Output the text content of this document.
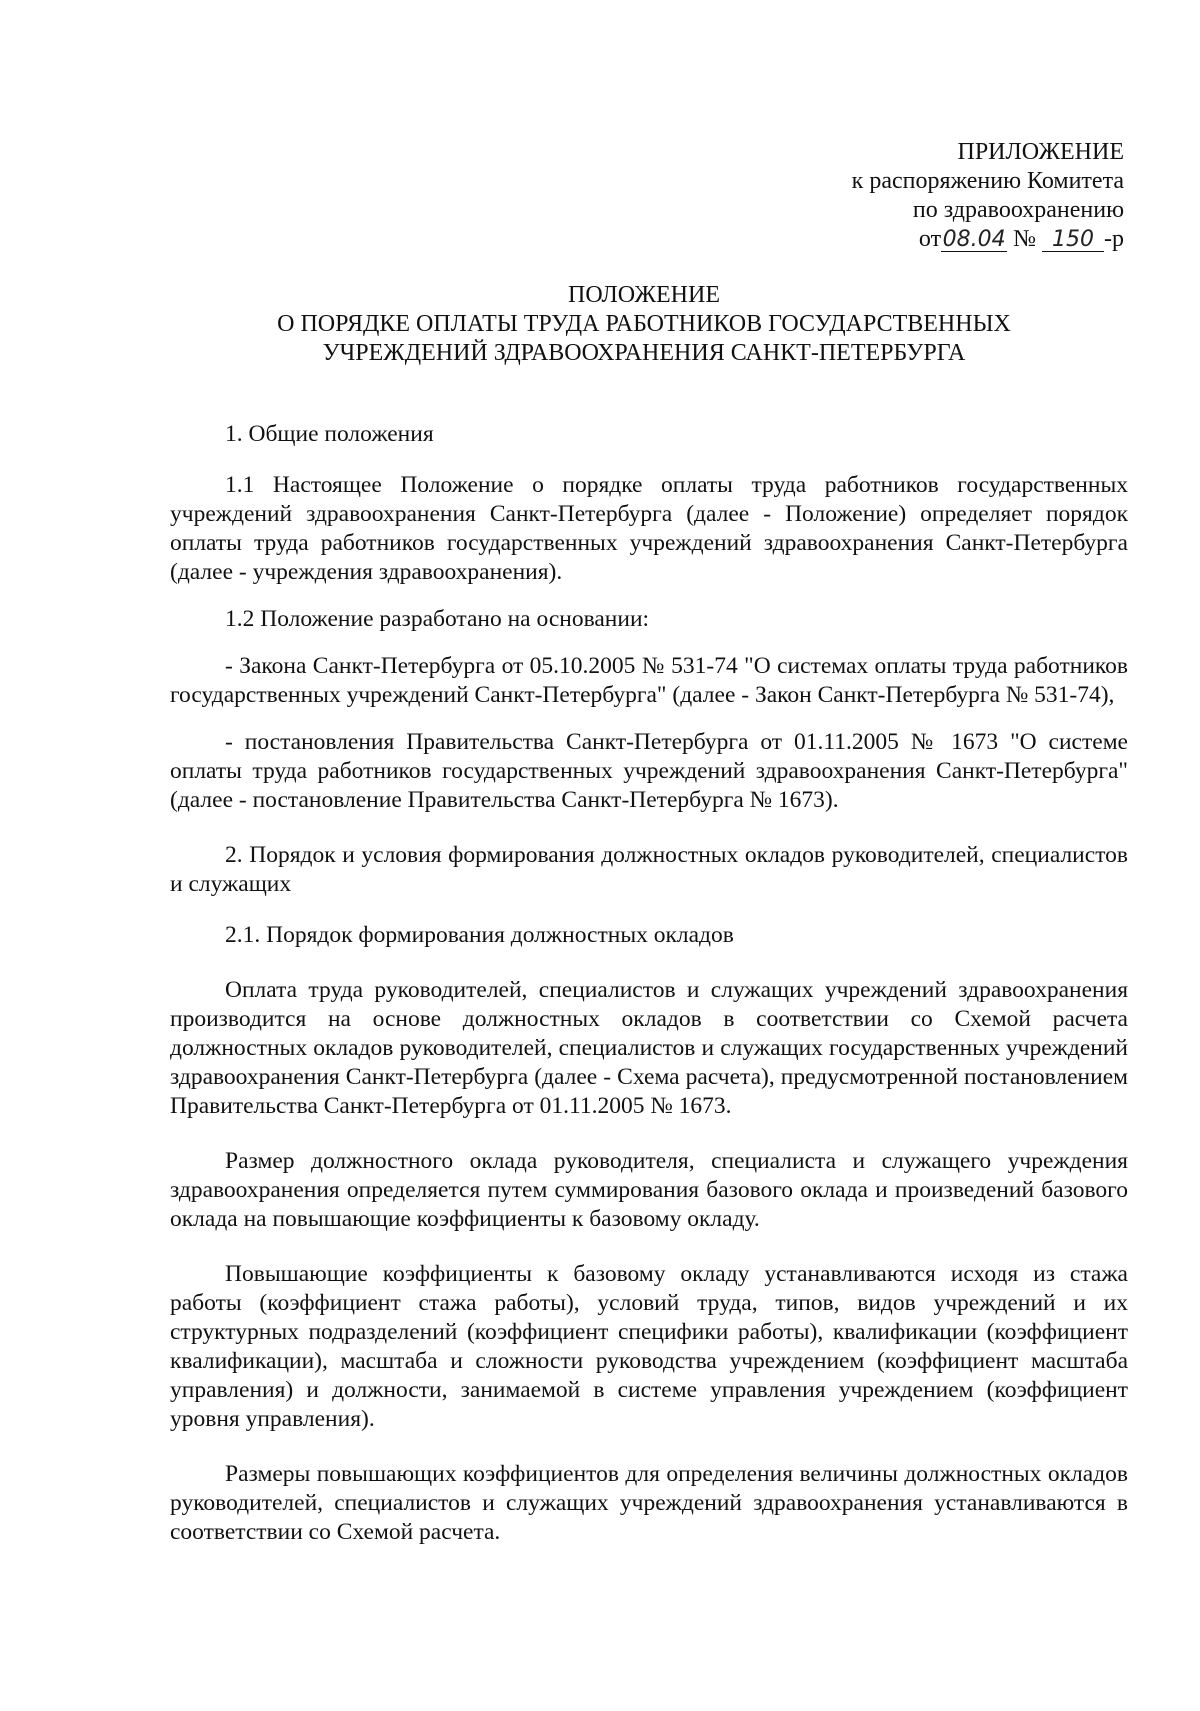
ПРИЛОЖЕНИЕ
к распоряжению Комитета
по здравоохранению
от08.04 № 150 -р
ПОЛОЖЕНИЕ
О ПОРЯДКЕ ОПЛАТЫ ТРУДА РАБОТНИКОВ ГОСУДАРСТВЕННЫХ
УЧРЕЖДЕНИЙ ЗДРАВООХРАНЕНИЯ САНКТ-ПЕТЕРБУРГА

1. Общие положения

1.1 Настоящее Положение о порядке оплаты труда работников государственных учреждений здравоохранения Санкт-Петербурга (далее - Положение) определяет порядок оплаты труда работников государственных учреждений здравоохранения Санкт-Петербурга (далее - учреждения здравоохранения).

1.2 Положение разработано на основании:

- Закона Санкт-Петербурга от 05.10.2005 № 531-74 "О системах оплаты труда работников государственных учреждений Санкт-Петербурга" (далее - Закон Санкт-Петербурга № 531-74),

- постановления Правительства Санкт-Петербурга от 01.11.2005 № 1673 "О системе оплаты труда работников государственных учреждений здравоохранения Санкт-Петербурга" (далее - постановление Правительства Санкт-Петербурга № 1673).

2. Порядок и условия формирования должностных окладов руководителей, специалистов и служащих

2.1. Порядок формирования должностных окладов

Оплата труда руководителей, специалистов и служащих учреждений здравоохранения производится на основе должностных окладов в соответствии со Схемой расчета должностных окладов руководителей, специалистов и служащих государственных учреждений здравоохранения Санкт-Петербурга (далее - Схема расчета), предусмотренной постановлением Правительства Санкт-Петербурга от 01.11.2005 № 1673.

Размер должностного оклада руководителя, специалиста и служащего учреждения здравоохранения определяется путем суммирования базового оклада и произведений базового оклада на повышающие коэффициенты к базовому окладу.

Повышающие коэффициенты к базовому окладу устанавливаются исходя из стажа работы (коэффициент стажа работы), условий труда, типов, видов учреждений и их структурных подразделений (коэффициент специфики работы), квалификации (коэффициент квалификации), масштаба и сложности руководства учреждением (коэффициент масштаба управления) и должности, занимаемой в системе управления учреждением (коэффициент уровня управления).

Размеры повышающих коэффициентов для определения величины должностных окладов руководителей, специалистов и служащих учреждений здравоохранения устанавливаются в соответствии со Схемой расчета.
